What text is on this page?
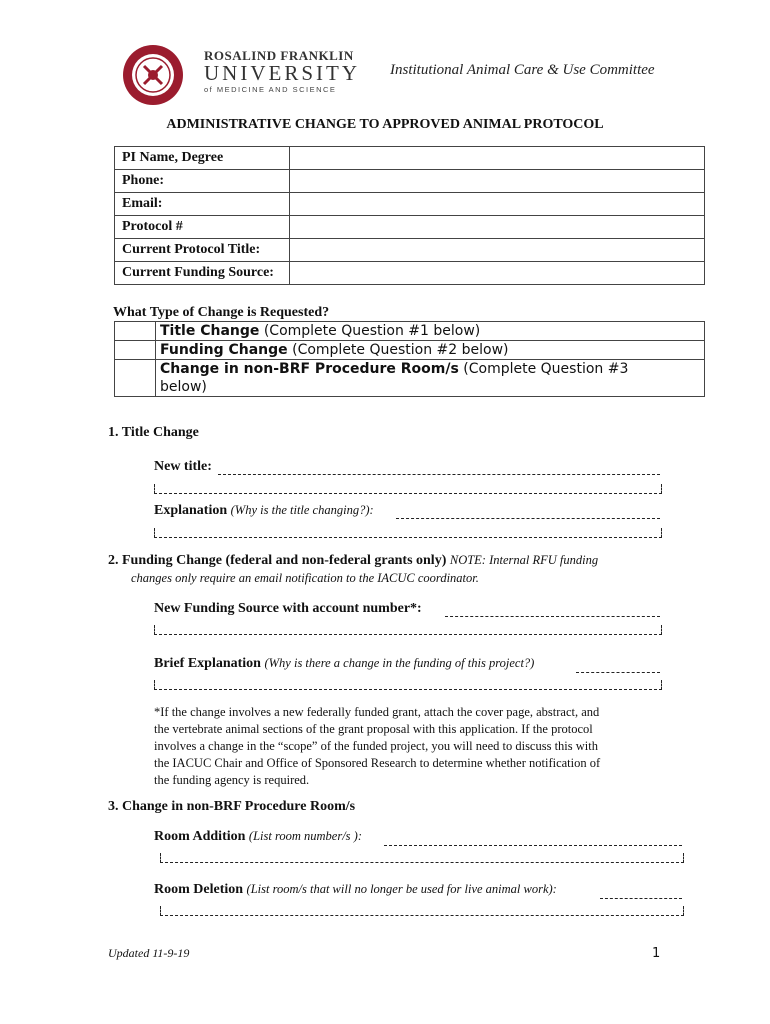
ROSALIND FRANKLIN
UNIVERSITY
of MEDICINE AND SCIENCE
Institutional Animal Care & Use Committee
ADMINISTRATIVE CHANGE TO APPROVED ANIMAL PROTOCOL
PI Name, Degree	
Phone:	
Email:	
Protocol #	
Current Protocol Title:	
Current Funding Source:	
What Type of Change is Requested?
	Title Change (Complete Question #1 below)
	Funding Change (Complete Question #2 below)
	Change in non-BRF Procedure Room/s (Complete Question #3 below)
1. Title Change
New title:
Explanation (Why is the title changing?):
2. Funding Change (federal and non-federal grants only) NOTE: Internal RFU funding
changes only require an email notification to the IACUC coordinator.
New Funding Source with account number*:
Brief Explanation (Why is there a change in the funding of this project?)
*If the change involves a new federally funded grant, attach the cover page, abstract, and
the vertebrate animal sections of the grant proposal with this application. If the protocol
involves a change in the “scope” of the funded project, you will need to discuss this with
the IACUC Chair and Office of Sponsored Research to determine whether notification of
the funding agency is required.
3. Change in non-BRF Procedure Room/s
Room Addition (List room number/s ):
Room Deletion (List room/s that will no longer be used for live animal work):
Updated 11-9-19	1
